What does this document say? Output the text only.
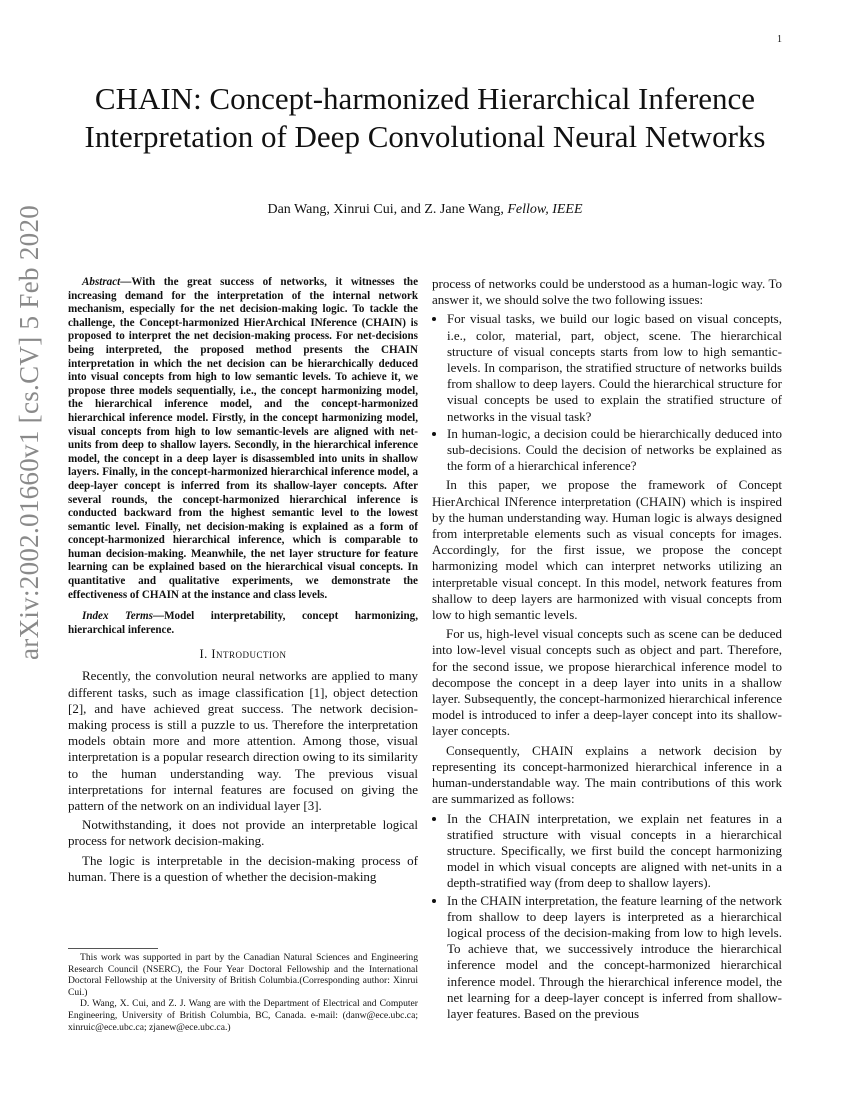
1
arXiv:2002.01660v1 [cs.CV] 5 Feb 2020
CHAIN: Concept-harmonized Hierarchical Inference Interpretation of Deep Convolutional Neural Networks
Dan Wang, Xinrui Cui, and Z. Jane Wang, Fellow, IEEE

Abstract—With the great success of networks, it witnesses the increasing demand for the interpretation of the internal network mechanism, especially for the net decision-making logic. To tackle the challenge, the Concept-harmonized HierArchical INference (CHAIN) is proposed to interpret the net decision-making process. For net-decisions being interpreted, the proposed method presents the CHAIN interpretation in which the net decision can be hierarchically deduced into visual concepts from high to low semantic levels. To achieve it, we propose three models sequentially, i.e., the concept harmonizing model, the hierarchical inference model, and the concept-harmonized hierarchical inference model. Firstly, in the concept harmonizing model, visual concepts from high to low semantic-levels are aligned with net-units from deep to shallow layers. Secondly, in the hierarchical inference model, the concept in a deep layer is disassembled into units in shallow layers. Finally, in the concept-harmonized hierarchical inference model, a deep-layer concept is inferred from its shallow-layer concepts. After several rounds, the concept-harmonized hierarchical inference is conducted backward from the highest semantic level to the lowest semantic level. Finally, net decision-making is explained as a form of concept-harmonized hierarchical inference, which is comparable to human decision-making. Meanwhile, the net layer structure for feature learning can be explained based on the hierarchical visual concepts. In quantitative and qualitative experiments, we demonstrate the effectiveness of CHAIN at the instance and class levels.

Index Terms—Model interpretability, concept harmonizing, hierarchical inference.

I. Introduction

Recently, the convolution neural networks are applied to many different tasks, such as image classification [1], object detection [2], and have achieved great success. The network decision-making process is still a puzzle to us. Therefore the interpretation models obtain more and more attention. Among those, visual interpretation is a popular research direction owing to its similarity to the human understanding way. The previous visual interpretations for internal features are focused on giving the pattern of the network on an individual layer [3].

Notwithstanding, it does not provide an interpretable logical process for network decision-making.

The logic is interpretable in the decision-making process of human. There is a question of whether the decision-making

This work was supported in part by the Canadian Natural Sciences and Engineering Research Council (NSERC), the Four Year Doctoral Fellowship and the International Doctoral Fellowship at the University of British Columbia.(Corresponding author: Xinrui Cui.)

D. Wang, X. Cui, and Z. J. Wang are with the Department of Electrical and Computer Engineering, University of British Columbia, BC, Canada. e-mail: (danw@ece.ubc.ca; xinruic@ece.ubc.ca; zjanew@ece.ubc.ca.)

process of networks could be understood as a human-logic way. To answer it, we should solve the two following issues:

• For visual tasks, we build our logic based on visual concepts, i.e., color, material, part, object, scene. The hierarchical structure of visual concepts starts from low to high semantic-levels. In comparison, the stratified structure of networks builds from shallow to deep layers. Could the hierarchical structure for visual concepts be used to explain the stratified structure of networks in the visual task?
• In human-logic, a decision could be hierarchically deduced into sub-decisions. Could the decision of networks be explained as the form of a hierarchical inference?

In this paper, we propose the framework of Concept HierArchical INference interpretation (CHAIN) which is inspired by the human understanding way. Human logic is always designed from interpretable elements such as visual concepts for images. Accordingly, for the first issue, we propose the concept harmonizing model which can interpret networks utilizing an interpretable visual concept. In this model, network features from shallow to deep layers are harmonized with visual concepts from low to high semantic levels.

For us, high-level visual concepts such as scene can be deduced into low-level visual concepts such as object and part. Therefore, for the second issue, we propose hierarchical inference model to decompose the concept in a deep layer into units in a shallow layer. Subsequently, the concept-harmonized hierarchical inference model is introduced to infer a deep-layer concept into its shallow-layer concepts.

Consequently, CHAIN explains a network decision by representing its concept-harmonized hierarchical inference in a human-understandable way. The main contributions of this work are summarized as follows:

• In the CHAIN interpretation, we explain net features in a stratified structure with visual concepts in a hierarchical structure. Specifically, we first build the concept harmonizing model in which visual concepts are aligned with net-units in a depth-stratified way (from deep to shallow layers).
• In the CHAIN interpretation, the feature learning of the network from shallow to deep layers is interpreted as a hierarchical logical process of the decision-making from low to high levels. To achieve that, we successively introduce the hierarchical inference model and the concept-harmonized hierarchical inference model. Through the hierarchical inference model, the net learning for a deep-layer concept is inferred from shallow-layer features. Based on the previous
